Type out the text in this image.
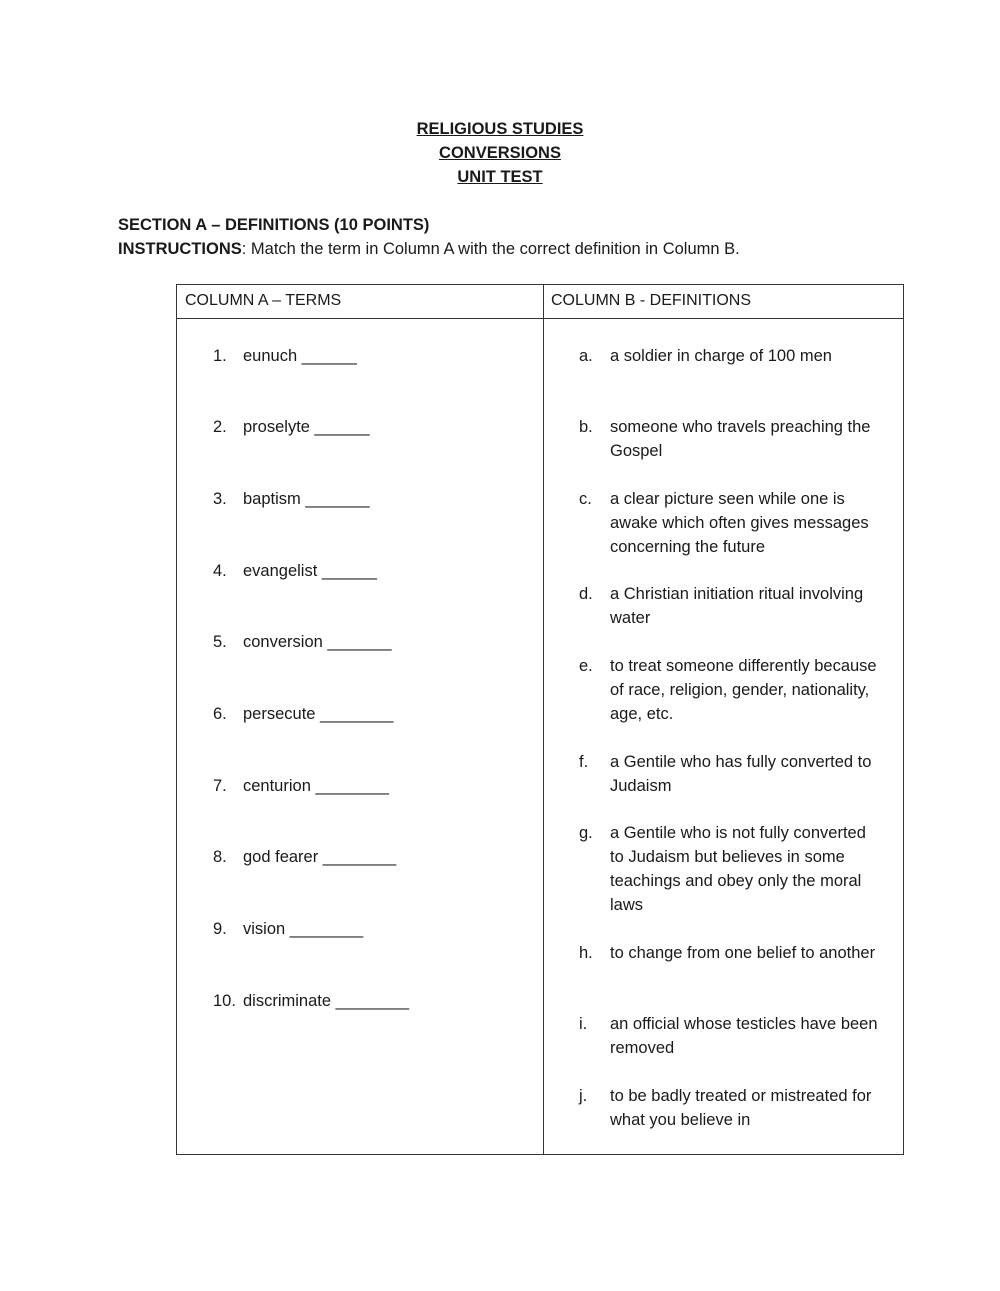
RELIGIOUS STUDIES
CONVERSIONS
UNIT TEST
SECTION A – DEFINITIONS (10 POINTS)
INSTRUCTIONS: Match the term in Column A with the correct definition in Column B.
COLUMN A – TERMS	COLUMN B - DEFINITIONS
1. eunuch ______
2. proselyte ______
3. baptism _______
4. evangelist ______
5. conversion _______
6. persecute ________
7. centurion ________
8. god fearer ________
9. vision ________
10. discriminate ________
a.	a soldier in charge of 100 men
b.	someone who travels preaching the Gospel
c.	a clear picture seen while one is awake which often gives messages concerning the future
d.	a Christian initiation ritual involving water
e.	to treat someone differently because of race, religion, gender, nationality, age, etc.
f.	a Gentile who has fully converted to Judaism
g.	a Gentile who is not fully converted to Judaism but believes in some teachings and obey only the moral laws
h.	to change from one belief to another
i.	an official whose testicles have been removed
j.	to be badly treated or mistreated for what you believe in
